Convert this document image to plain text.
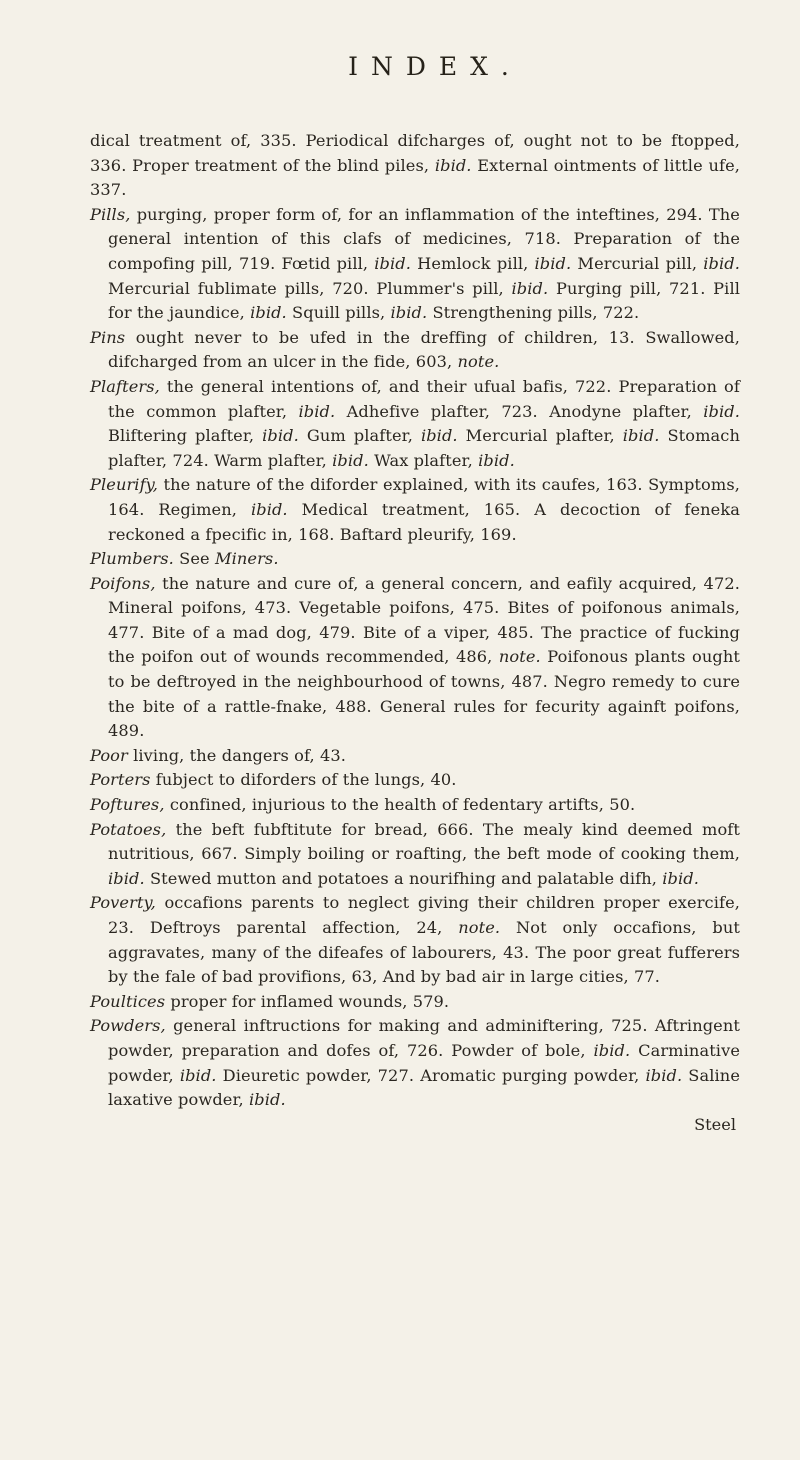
INDEX.

dical treatment of, 335. Periodical difcharges of, ought not to be ftopped, 336. Proper treatment of the blind piles, ibid. External ointments of little ufe, 337.

Pills, purging, proper form of, for an inflammation of the inteftines, 294. The general intention of this clafs of medicines, 718. Preparation of the compofing pill, 719. Fœtid pill, ibid. Hemlock pill, ibid. Mercurial pill, ibid. Mercurial fublimate pills, 720. Plummer's pill, ibid. Purging pill, 721. Pill for the jaundice, ibid. Squill pills, ibid. Strengthening pills, 722.

Pins ought never to be ufed in the dreffing of children, 13. Swallowed, difcharged from an ulcer in the fide, 603, note.

Plafters, the general intentions of, and their ufual bafis, 722. Preparation of the common plafter, ibid. Adhefive plafter, 723. Anodyne plafter, ibid. Bliftering plafter, ibid. Gum plafter, ibid. Mercurial plafter, ibid. Stomach plafter, 724. Warm plafter, ibid. Wax plafter, ibid.

Pleurify, the nature of the diforder explained, with its caufes, 163. Symptoms, 164. Regimen, ibid. Medical treatment, 165. A decoction of feneka reckoned a fpecific in, 168. Baftard pleurify, 169.

Plumbers. See Miners.

Poifons, the nature and cure of, a general concern, and eafily acquired, 472. Mineral poifons, 473. Vegetable poifons, 475. Bites of poifonous animals, 477. Bite of a mad dog, 479. Bite of a viper, 485. The practice of fucking the poifon out of wounds recommended, 486, note. Poifonous plants ought to be deftroyed in the neighbourhood of towns, 487. Negro remedy to cure the bite of a rattle-fnake, 488. General rules for fecurity againft poifons, 489.

Poor living, the dangers of, 43.

Porters fubject to diforders of the lungs, 40.

Poftures, confined, injurious to the health of fedentary artifts, 50.

Potatoes, the beft fubftitute for bread, 666. The mealy kind deemed moft nutritious, 667. Simply boiling or roafting, the beft mode of cooking them, ibid. Stewed mutton and potatoes a nourifhing and palatable difh, ibid.

Poverty, occafions parents to neglect giving their children proper exercife, 23. Deftroys parental affection, 24, note. Not only occafions, but aggravates, many of the difeafes of labourers, 43. The poor great fufferers by the fale of bad provifions, 63, And by bad air in large cities, 77.

Poultices proper for inflamed wounds, 579.

Powders, general inftructions for making and adminiftering, 725. Aftringent powder, preparation and dofes of, 726. Powder of bole, ibid. Carminative powder, ibid. Dieuretic powder, 727. Aromatic purging powder, ibid. Saline laxative powder, ibid.

Steel
